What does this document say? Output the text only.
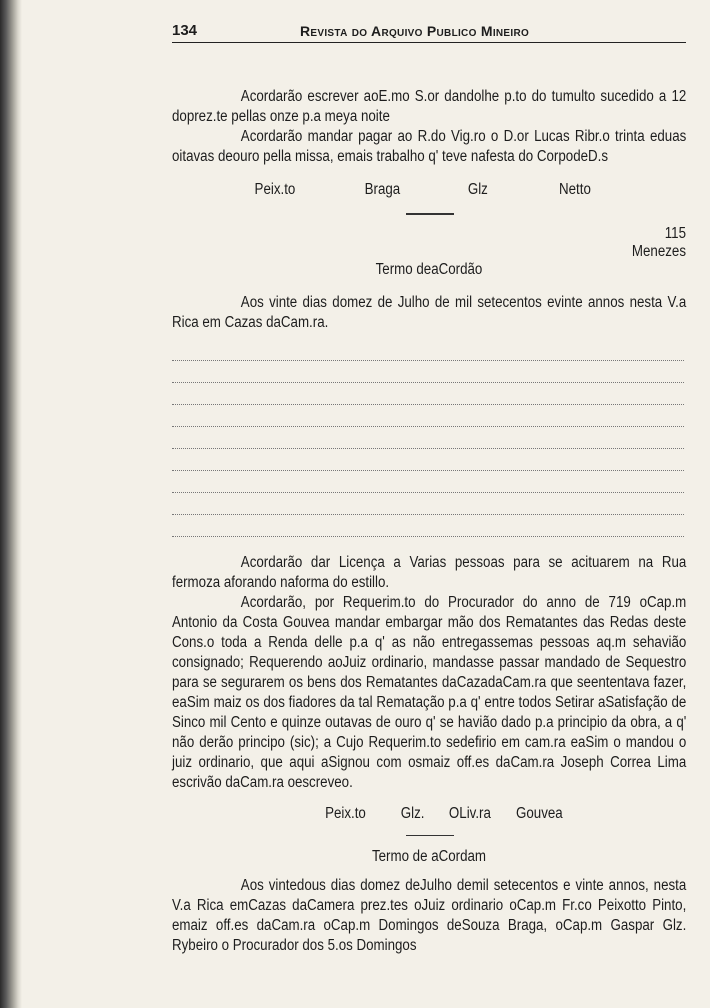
134	Revista do Arquivo Publico Mineiro
Acordarão escrever aoE.mo S.or dandolhe p.to do tumulto sucedido a 12 doprez.te pellas onze p.a meya noite
Acordarão mandar pagar ao R.do Vig.ro o D.or Lucas Ribr.o trinta eduas oitavas deouro pella missa, emais trabalho q' teve nafesta do CorpodeD.s
Peix.to	Braga	Glz	Netto
115
Menezes
Termo deaCordão
Aos vinte dias domez de Julho de mil setecentos evinte annos nesta V.a Rica em Cazas daCam.ra.
Acordarão dar Licença a Varias pessoas para se acituarem na Rua fermoza aforando naforma do estillo.
Acordarão, por Requerim.to do Procurador do anno de 719 oCap.m Antonio da Costa Gouvea mandar embargar mão dos Rematantes das Redas deste Cons.o toda a Renda delle p.a q' as não entregassemas pessoas aq.m sehavião consignado; Requerendo aoJuiz ordinario, mandasse passar mandado de Sequestro para se segurarem os bens dos Rematantes daCazadaCam.ra que seententava fazer, eaSim maiz os dos fiadores da tal Rematação p.a q' entre todos Setirar aSatisfação de Sinco mil Cento e quinze outavas de ouro q' se havião dado p.a principio da obra, a q' não derão principo (sic); a Cujo Requerim.to sedefirio em cam.ra eaSim o mandou o juiz ordinario, que aqui aSignou com osmaiz off.es daCam.ra Joseph Correa Lima escrivão daCam.ra oescreveo.
Peix.to Glz. OLiv.ra Gouvea
Termo de aCordam
Aos vintedous dias domez deJulho demil setecentos e vinte annos, nesta V.a Rica emCazas daCamera prez.tes oJuiz ordinario oCap.m Fr.co Peixotto Pinto, emaiz off.es daCam.ra oCap.m Domingos deSouza Braga, oCap.m Gaspar Glz. Rybeiro o Procurador dos 5.os Domingos
